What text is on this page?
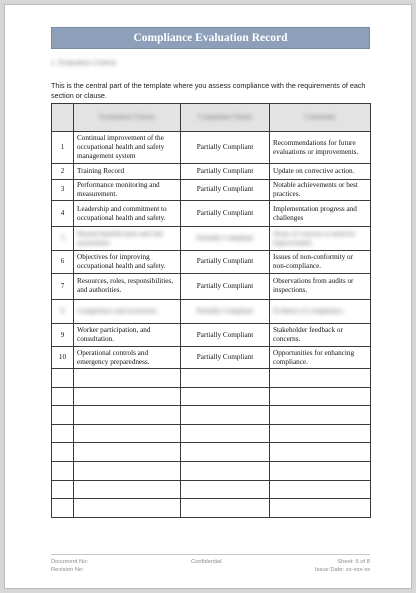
Compliance Evaluation Record
1. Evaluation Criteria
This is the central part of the template where you assess compliance with the requirements of each section or clause.

	Evaluation Criteria	Compliance Status	Comments

1	Continual improvement of the occupational health and safety management system	Partially Compliant	Recommendations for future evaluations or improvements.
2	Training Record	Partially Compliant	Update on corrective action.
3	Performance monitoring and measurement.	Partially Compliant	Notable achievements or best practices.
4	Leadership and commitment to occupational health and safety.	Partially Compliant	Implementation progress and challenges
5	Hazard identification and risk assessment.	Partially Compliant	Areas of concern or need for improvement.
6	Objectives for improving occupational health and safety.	Partially Compliant	Issues of non-conformity or non-compliance.
7	Resources, roles, responsibilities, and authorities.	Partially Compliant	Observations from audits or inspections.
8	Competence and awareness.	Partially Compliant	Evidence of compliance.
9	Worker participation, and consultation.	Partially Compliant	Stakeholder feedback or concerns.
10	Operational controls and emergency preparedness.	Partially Compliant	Opportunities for enhancing compliance.

Document No:
Revision No:
Confidential	Sheet: 5 of 8
Issue Date: xx-xxx-xx
